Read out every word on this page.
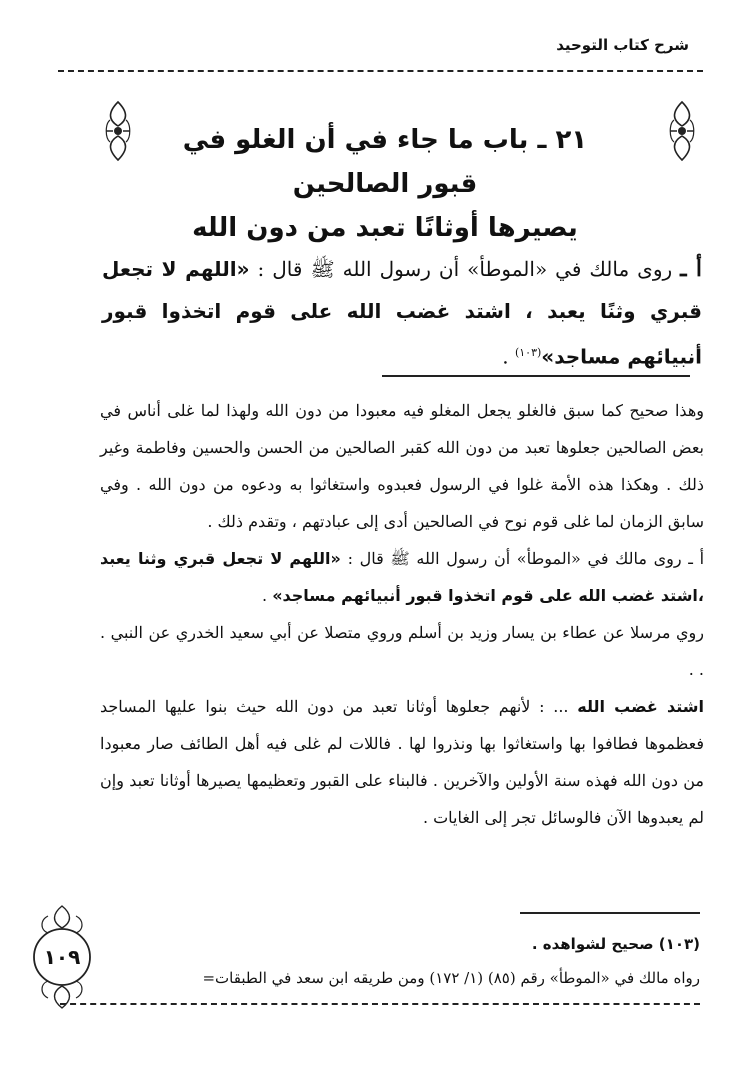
شرح كتاب التوحيد
٢١ ـ باب ما جاء في أن الغلو في قبور الصالحين
يصيرها أوثانًا تعبد من دون الله
أ ـ روى مالك في «الموطأ» أن رسول الله ﷺ قال : «اللهم لا تجعل قبري وثنًا يعبد ، اشتد غضب الله على قوم اتخذوا قبور أنبيائهم مساجد»$^{(١٠٣)}$ .

وهذا صحيح كما سبق فالغلو يجعل المغلو فيه معبودا من دون الله ولهذا لما غلى أناس في بعض الصالحين جعلوها تعبد من دون الله كقبر الصالحين من الحسن والحسين وفاطمة وغير ذلك . وهكذا هذه الأمة غلوا في الرسول فعبدوه واستغاثوا به ودعوه من دون الله . وفي سابق الزمان لما غلى قوم نوح في الصالحين أدى إلى عبادتهم ، وتقدم ذلك .

أ ـ روى مالك في «الموطأ» أن رسول الله ﷺ قال : «اللهم لا تجعل قبري وثنا يعبد ،اشتد غضب الله على قوم اتخذوا قبور أنبيائهم مساجد» .

روي مرسلا عن عطاء بن يسار وزيد بن أسلم وروي متصلا عن أبي سعيد الخدري عن النبي . . .

اشتد غضب الله ... : لأنهم جعلوها أوثانا تعبد من دون الله حيث بنوا عليها المساجد فعظموها فطافوا بها واستغاثوا بها ونذروا لها . فاللات لم غلى فيه أهل الطائف صار معبودا من دون الله فهذه سنة الأولين والآخرين . فالبناء على القبور وتعظيمها يصيرها أوثانا تعبد وإن لم يعبدوها الآن فالوسائل تجر إلى الغايات .

(١٠٣) صحيح لشواهده .

رواه مالك في «الموطأ» رقم (٨٥) (١/ ١٧٢) ومن طريقه ابن سعد في الطبقات=

١٠٩
